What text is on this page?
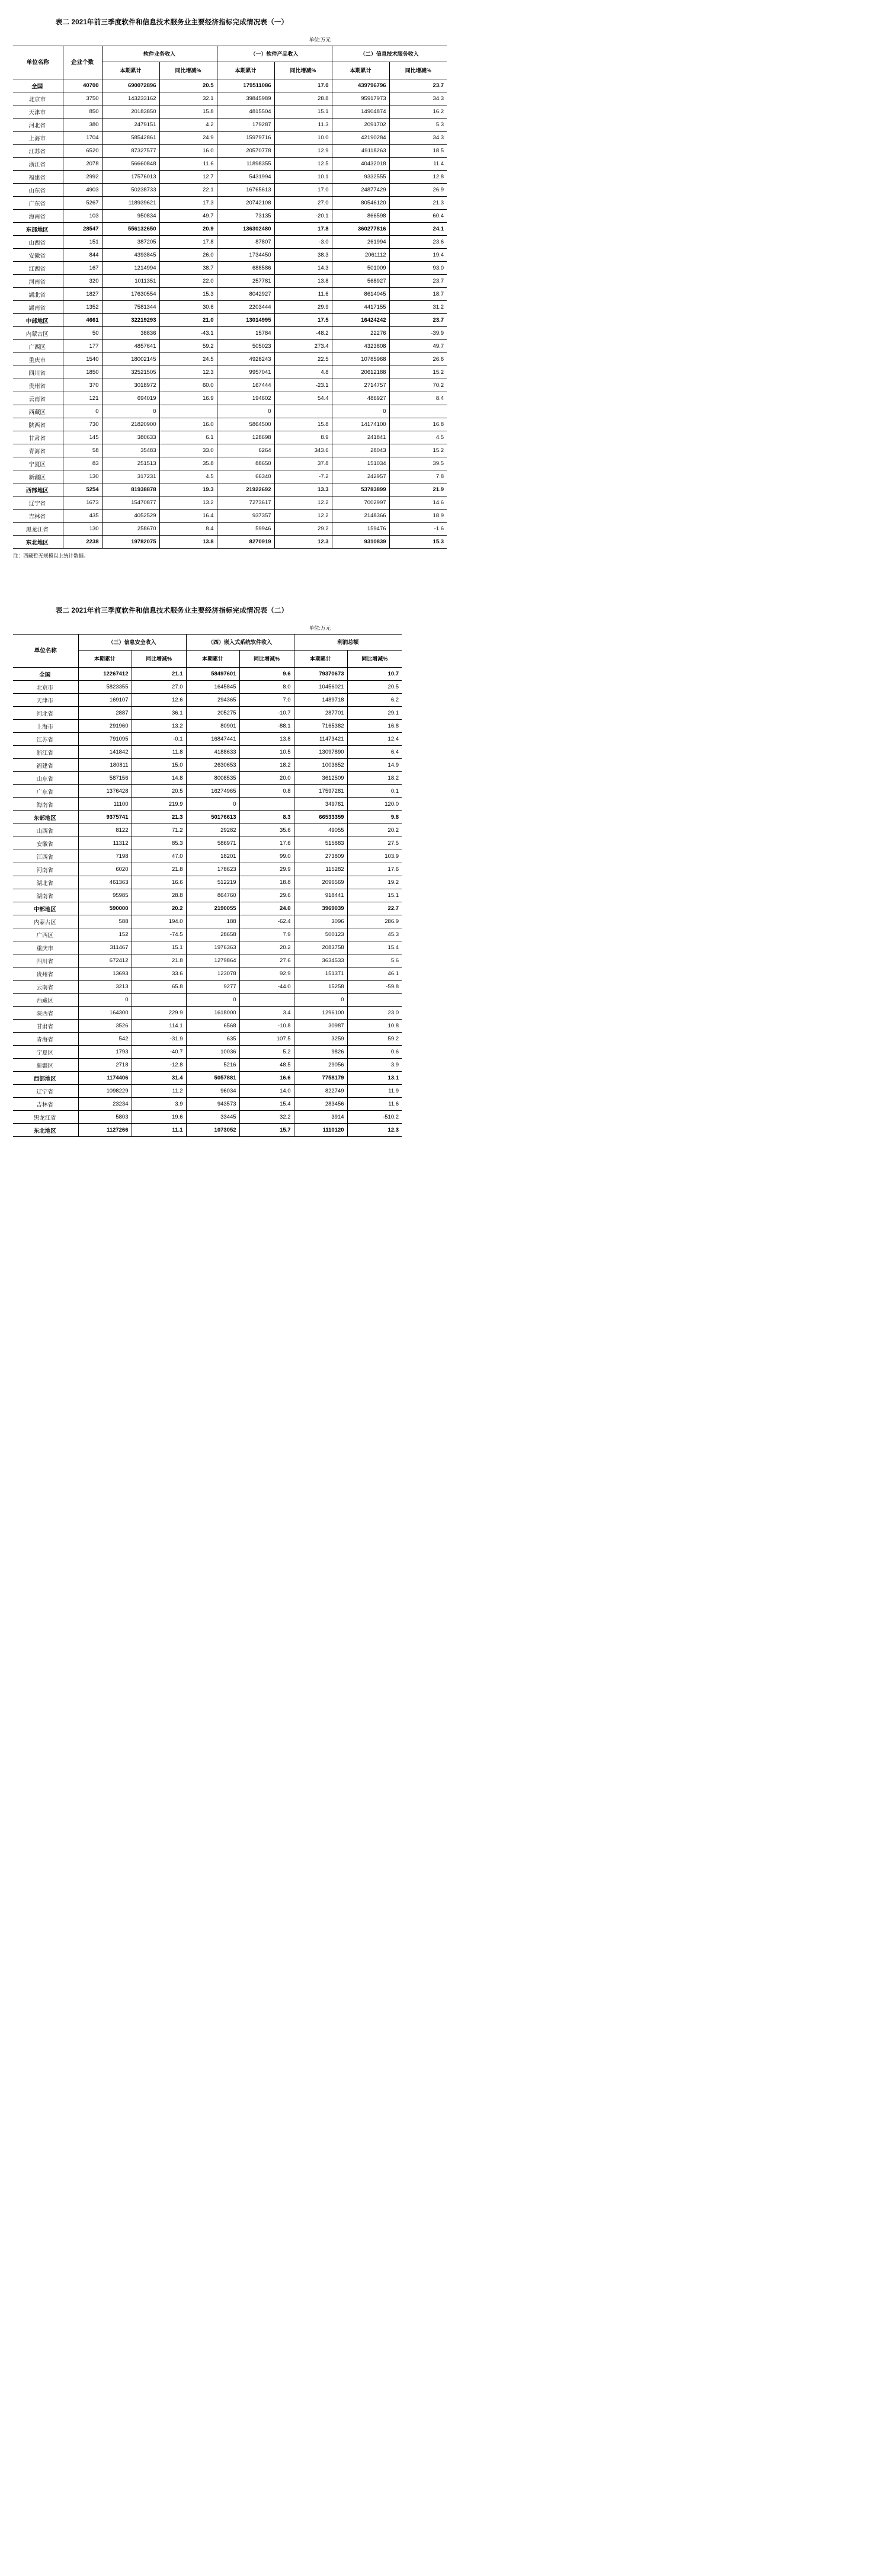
表二 2021年前三季度软件和信息技术服务业主要经济指标完成情况表（一）
单位:万元
单位名称	企业个数	软件业务收入		（一）软件产品收入		（二）信息技术服务收入	
		本期累计	同比增减%	本期累计	同比增减%	本期累计	同比增减%
全国	40700	690072896	20.5	179511086	17.0	439796796	23.7
北京市	3750	143233162	32.1	39845989	28.8	95917973	34.3
天津市	850	20183850	15.8	4815504	15.1	14904874	16.2
河北省	380	2479151	4.2	179287	11.3	2091702	5.3
上海市	1704	58542861	24.9	15979716	10.0	42190284	34.3
江苏省	6520	87327577	16.0	20570778	12.9	49118263	18.5
浙江省	2078	56660848	11.6	11898355	12.5	40432018	11.4
福建省	2992	17576013	12.7	5431994	10.1	9332555	12.8
山东省	4903	50238733	22.1	16765613	17.0	24877429	26.9
广东省	5267	118939621	17.3	20742108	27.0	80546120	21.3
海南省	103	950834	49.7	73135	-20.1	866598	60.4
东部地区	28547	556132650	20.9	136302480	17.8	360277816	24.1
山西省	151	387205	17.8	87807	-3.0	261994	23.6
安徽省	844	4393845	26.0	1734450	38.3	2061112	19.4
江西省	167	1214994	38.7	688586	14.3	501009	93.0
河南省	320	1011351	22.0	257781	13.8	568927	23.7
湖北省	1827	17630554	15.3	8042927	11.6	8614045	18.7
湖南省	1352	7581344	30.6	2203444	29.9	4417155	31.2
中部地区	4661	32219293	21.0	13014995	17.5	16424242	23.7
内蒙古区	50	38836	-43.1	15784	-48.2	22276	-39.9
广西区	177	4857641	59.2	505023	273.4	4323808	49.7
重庆市	1540	18002145	24.5	4928243	22.5	10785968	26.6
四川省	1850	32521505	12.3	9957041	4.8	20612188	15.2
贵州省	370	3018972	60.0	167444	-23.1	2714757	70.2
云南省	121	694019	16.9	194602	54.4	486927	8.4
西藏区	0	0		0		0	
陕西省	730	21820900	16.0	5864500	15.8	14174100	16.8
甘肃省	145	380633	6.1	128698	8.9	241841	4.5
青海省	58	35483	33.0	6264	343.6	28043	15.2
宁夏区	83	251513	35.8	88650	37.8	151034	39.5
新疆区	130	317231	4.5	66340	-7.2	242957	7.8
西部地区	5254	81938878	19.3	21922692	13.3	53783899	21.9
辽宁省	1673	15470877	13.2	7273617	12.2	7002997	14.6
吉林省	435	4052529	16.4	937357	12.2	2148366	18.9
黑龙江省	130	258670	8.4	59946	29.2	159476	-1.6
东北地区	2238	19782075	13.8	8270919	12.3	9310839	15.3
注：西藏暂无规模以上统计数据。
表二 2021年前三季度软件和信息技术服务业主要经济指标完成情况表（二）
单位:万元
单位名称	（三）信息安全收入		（四）嵌入式系统软件收入		利润总额	
	本期累计	同比增减%	本期累计	同比增减%	本期累计	同比增减%
全国	12267412	21.1	58497601	9.6	79370673	10.7
北京市	5823355	27.0	1645845	8.0	10456021	20.5
天津市	169107	12.6	294365	7.0	1489718	6.2
河北省	2887	36.1	205275	-10.7	287701	29.1
上海市	291960	13.2	80901	-88.1	7165382	16.8
江苏省	791095	-0.1	16847441	13.8	11473421	12.4
浙江省	141842	11.8	4188633	10.5	13097890	6.4
福建省	180811	15.0	2630653	18.2	1003652	14.9
山东省	587156	14.8	8008535	20.0	3612509	18.2
广东省	1376428	20.5	16274965	0.8	17597281	0.1
海南省	11100	219.9	0		349761	120.0
东部地区	9375741	21.3	50176613	8.3	66533359	9.8
山西省	8122	71.2	29282	35.6	49055	20.2
安徽省	11312	85.3	586971	17.6	515883	27.5
江西省	7198	47.0	18201	99.0	273809	103.9
河南省	6020	21.8	178623	29.9	115282	17.6
湖北省	461363	16.6	512219	18.8	2096569	19.2
湖南省	95985	28.8	864760	29.6	918441	15.1
中部地区	590000	20.2	2190055	24.0	3969039	22.7
内蒙古区	588	194.0	188	-62.4	3096	286.9
广西区	152	-74.5	28658	7.9	500123	45.3
重庆市	311467	15.1	1976363	20.2	2083758	15.4
四川省	672412	21.8	1279864	27.6	3634533	5.6
贵州省	13693	33.6	123078	92.9	151371	46.1
云南省	3213	65.8	9277	-44.0	15258	-59.8
西藏区	0		0		0	
陕西省	164300	229.9	1618000	3.4	1296100	23.0
甘肃省	3526	114.1	6568	-10.8	30987	10.8
青海省	542	-31.9	635	107.5	3259	59.2
宁夏区	1793	-40.7	10036	5.2	9826	0.6
新疆区	2718	-12.8	5216	48.5	29056	3.9
西部地区	1174406	31.4	5057881	16.6	7758179	13.1
辽宁省	1098229	11.2	96034	14.0	822749	11.9
吉林省	23234	3.9	943573	15.4	283456	11.6
黑龙江省	5803	19.6	33445	32.2	3914	-510.2
东北地区	1127266	11.1	1073052	15.7	1110120	12.3
